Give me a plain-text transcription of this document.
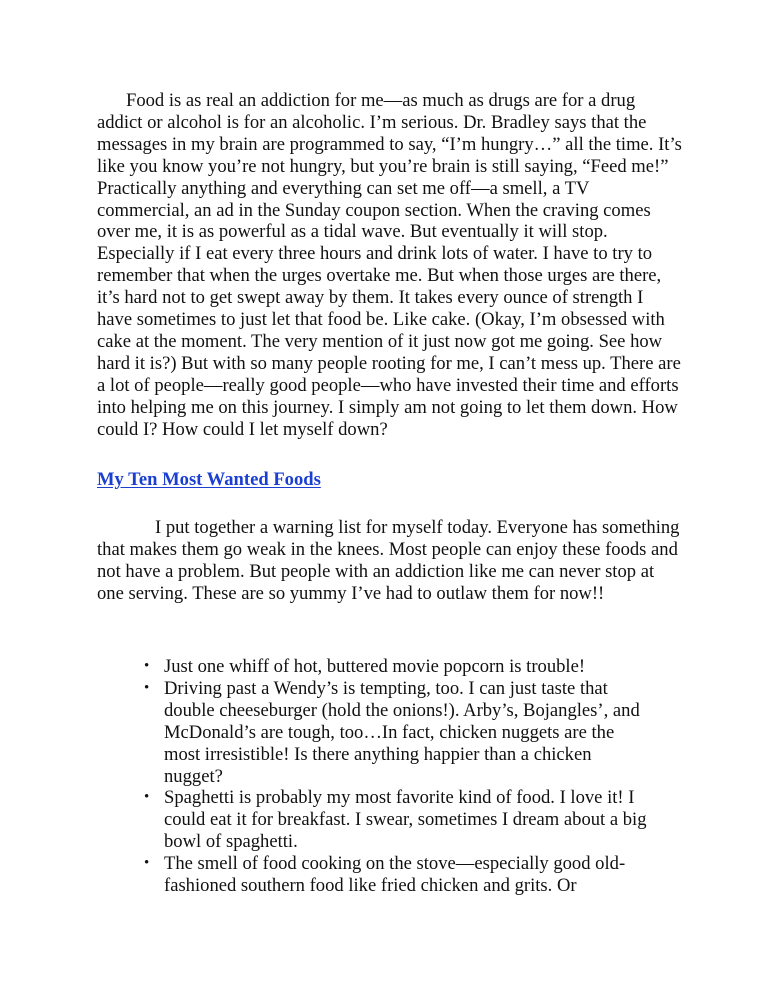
Food is as real an addiction for me—as much as drugs are for a drug addict or alcohol is for an alcoholic. I’m serious. Dr. Bradley says that the messages in my brain are programmed to say, “I’m hungry…” all the time. It’s like you know you’re not hungry, but you’re brain is still saying, “Feed me!” Practically anything and everything can set me off—a smell, a TV commercial, an ad in the Sunday coupon section. When the craving comes over me, it is as powerful as a tidal wave. But eventually it will stop. Especially if I eat every three hours and drink lots of water. I have to try to remember that when the urges overtake me. But when those urges are there, it’s hard not to get swept away by them. It takes every ounce of strength I have sometimes to just let that food be. Like cake. (Okay, I’m obsessed with cake at the moment. The very mention of it just now got me going. See how hard it is?) But with so many people rooting for me, I can’t mess up. There are a lot of people—really good people—who have invested their time and efforts into helping me on this journey. I simply am not going to let them down. How could I? How could I let myself down?

My Ten Most Wanted Foods

I put together a warning list for myself today. Everyone has something that makes them go weak in the knees. Most people can enjoy these foods and not have a problem. But people with an addiction like me can never stop at one serving. These are so yummy I’ve had to outlaw them for now!!

• Just one whiff of hot, buttered movie popcorn is trouble!
• Driving past a Wendy’s is tempting, too. I can just taste that double cheeseburger (hold the onions!). Arby’s, Bojangles’, and McDonald’s are tough, too…In fact, chicken nuggets are the most irresistible! Is there anything happier than a chicken nugget?
• Spaghetti is probably my most favorite kind of food. I love it! I could eat it for breakfast. I swear, sometimes I dream about a big bowl of spaghetti.
• The smell of food cooking on the stove—especially good old-fashioned southern food like fried chicken and grits. Or
